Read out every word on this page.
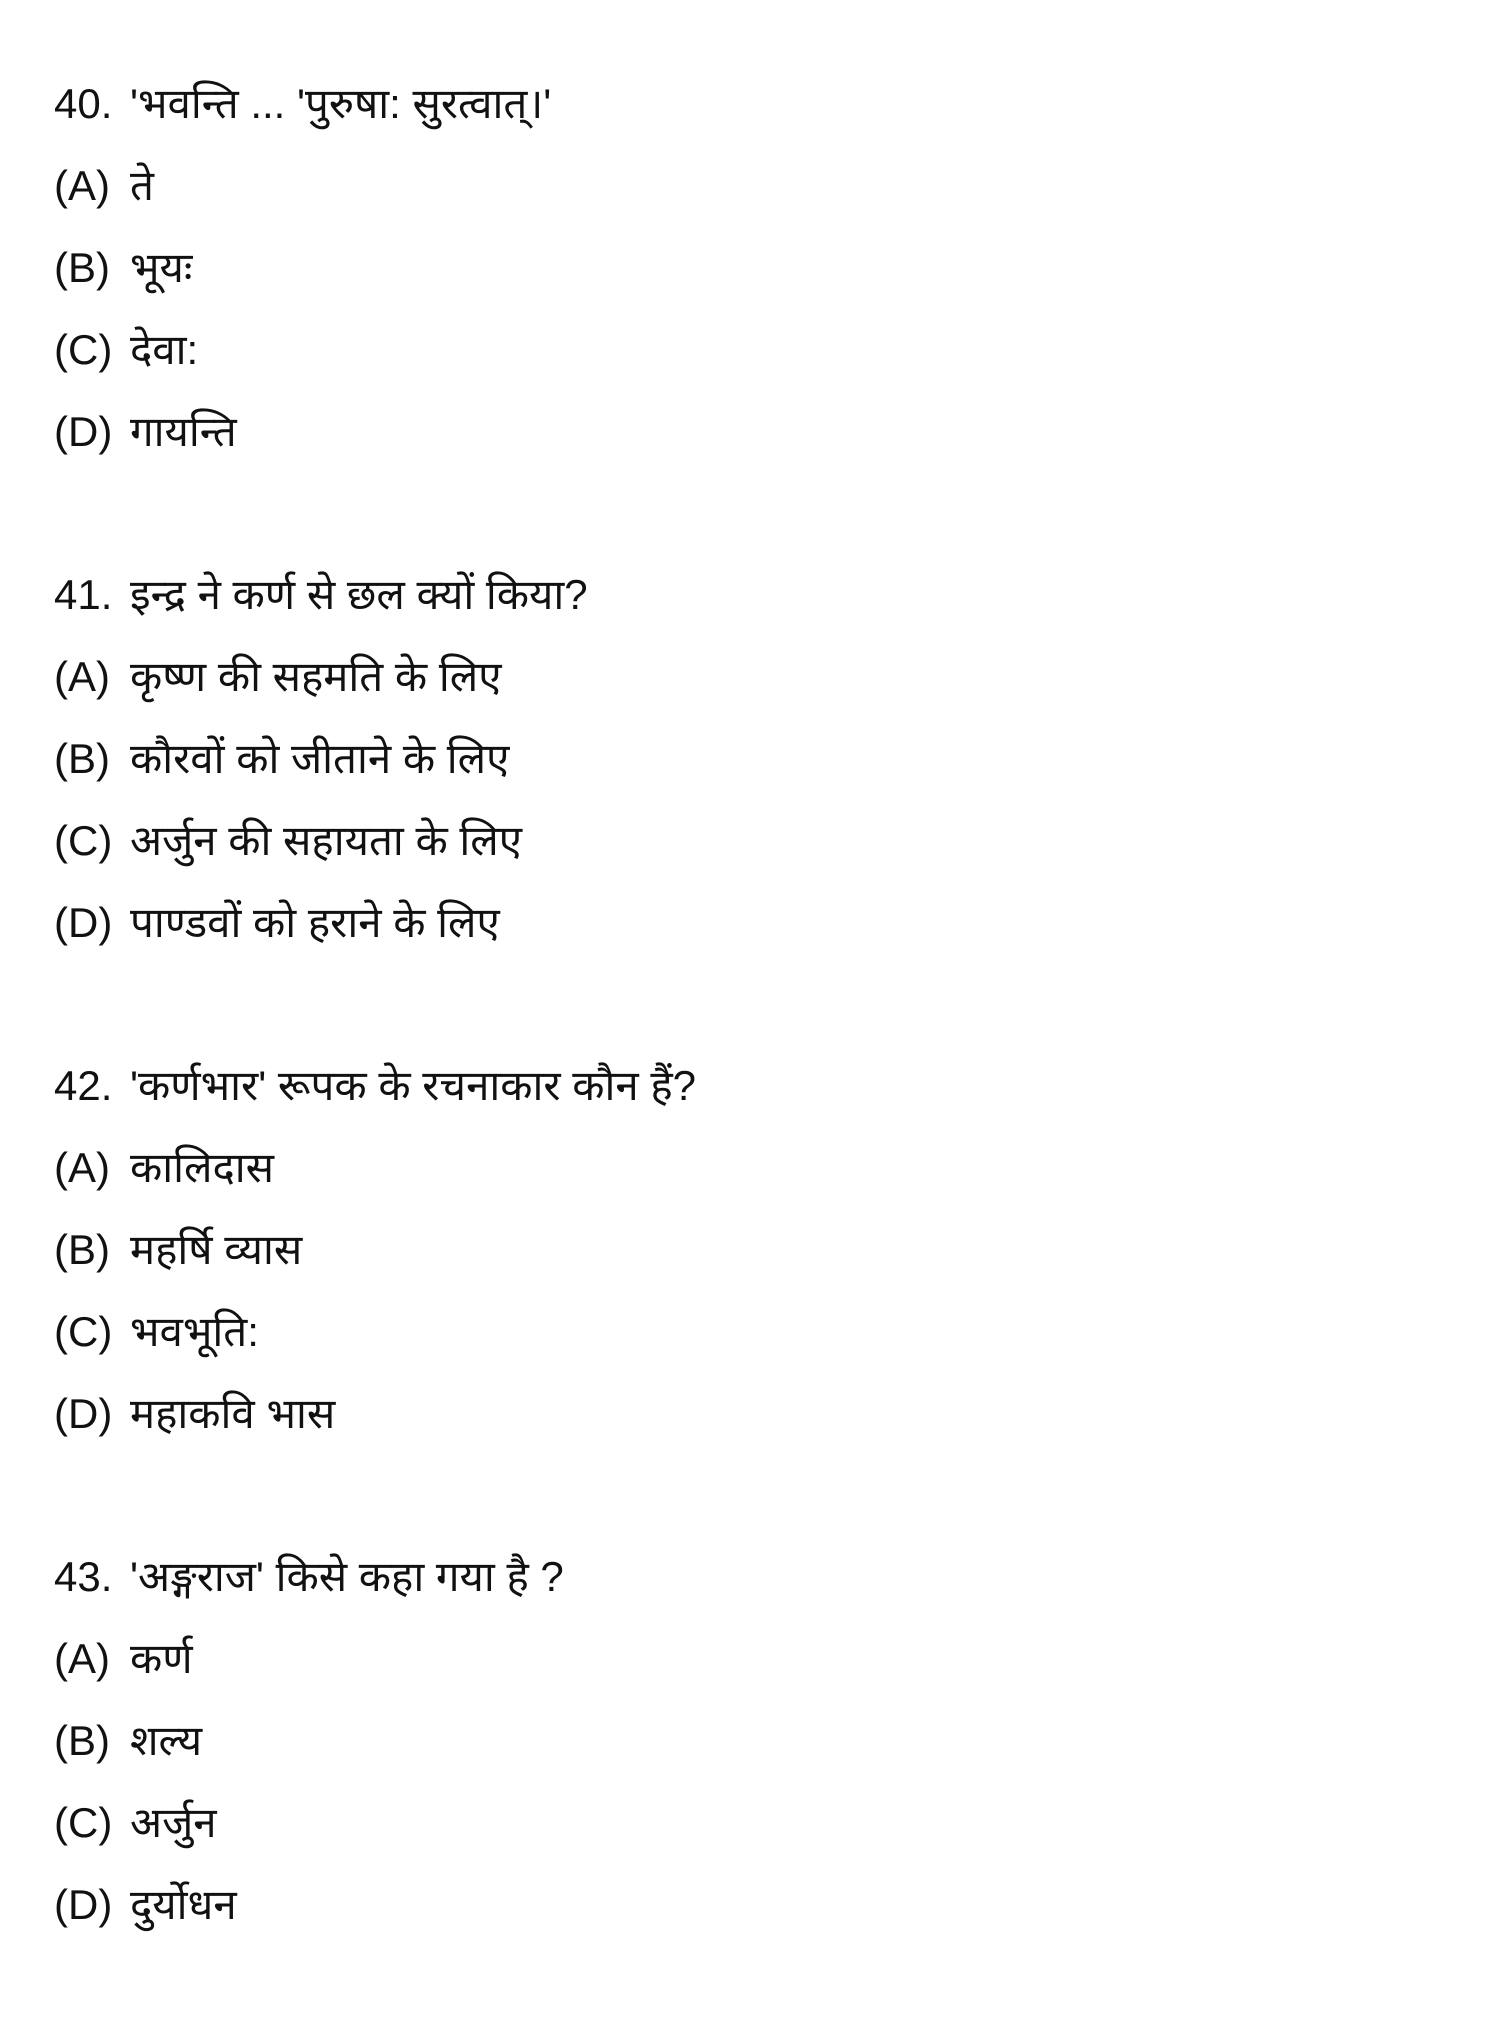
40. 'भवन्ति ... 'पुरुषा: सुरत्वात्।'
(A) ते
(B) भूयः
(C) देवा:
(D) गायन्ति
41. इन्द्र ने कर्ण से छल क्यों किया?
(A) कृष्ण की सहमति के लिए
(B) कौरवों को जीताने के लिए
(C) अर्जुन की सहायता के लिए
(D) पाण्डवों को हराने के लिए
42. 'कर्णभार' रूपक के रचनाकार कौन हैं?
(A) कालिदास
(B) महर्षि व्यास
(C) भवभूति:
(D) महाकवि भास
43. 'अङ्गराज' किसे कहा गया है ?
(A) कर्ण
(B) शल्य
(C) अर्जुन
(D) दुर्योधन
